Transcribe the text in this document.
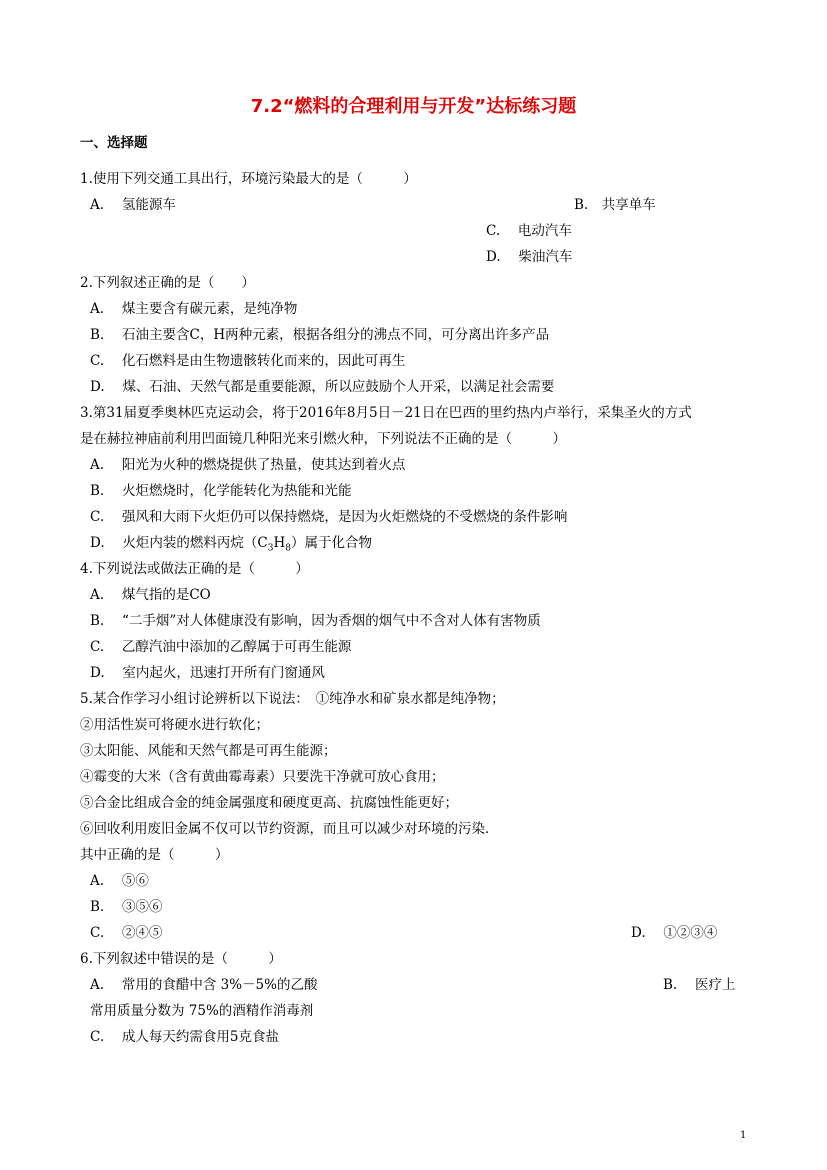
7.2“燃料的合理利用与开发”达标练习题
一、选择题
1.使用下列交通工具出行，环境污染最大的是（　　　）
A.　 氢能源车	B.　共享单车
C.　 电动汽车
D.　 柴油汽车
2.下列叙述正确的是（　　）
A.　 煤主要含有碳元素，是纯净物
B.　 石油主要含C，H两种元素，根据各组分的沸点不同，可分离出许多产品
C.　 化石燃料是由生物遗骸转化而来的，因此可再生
D.　 煤、石油、天然气都是重要能源，所以应鼓励个人开采，以满足社会需要
3.第31届夏季奥林匹克运动会，将于2016年8月5日－21日在巴西的里约热内卢举行，采集圣火的方式
是在赫拉神庙前利用凹面镜几种阳光来引燃火种，下列说法不正确的是（　　　）
A.　 阳光为火种的燃烧提供了热量，使其达到着火点
B.　 火炬燃烧时，化学能转化为热能和光能
C.　 强风和大雨下火炬仍可以保持燃烧，是因为火炬燃烧的不受燃烧的条件影响
D.　 火炬内装的燃料丙烷$(C_3H_8)$属于化合物
4.下列说法或做法正确的是（　　　）
A.　 煤气指的是CO
B.　 “二手烟”对人体健康没有影响，因为香烟的烟气中不含对人体有害物质
C.　 乙醇汽油中添加的乙醇属于可再生能源
D.　 室内起火，迅速打开所有门窗通风
5.某合作学习小组讨论辨析以下说法：　①纯净水和矿泉水都是纯净物；
②用活性炭可将硬水进行软化；
③太阳能、风能和天然气都是可再生能源；
④霉变的大米（含有黄曲霉毒素）只要洗干净就可放心食用；
⑤合金比组成合金的纯金属强度和硬度更高、抗腐蚀性能更好；
⑥回收利用废旧金属不仅可以节约资源，而且可以减少对环境的污染．
其中正确的是（　　　）
A.　 ⑤⑥
B.　 ③⑤⑥
C.　 ②④⑤	D.　 ①②③④
6.下列叙述中错误的是（　　　）
A.　 常用的食醋中含 3%－5%的乙酸	B.　 医疗上
常用质量分数为 75%的酒精作消毒剂
C.　 成人每天约需食用5克食盐
1
